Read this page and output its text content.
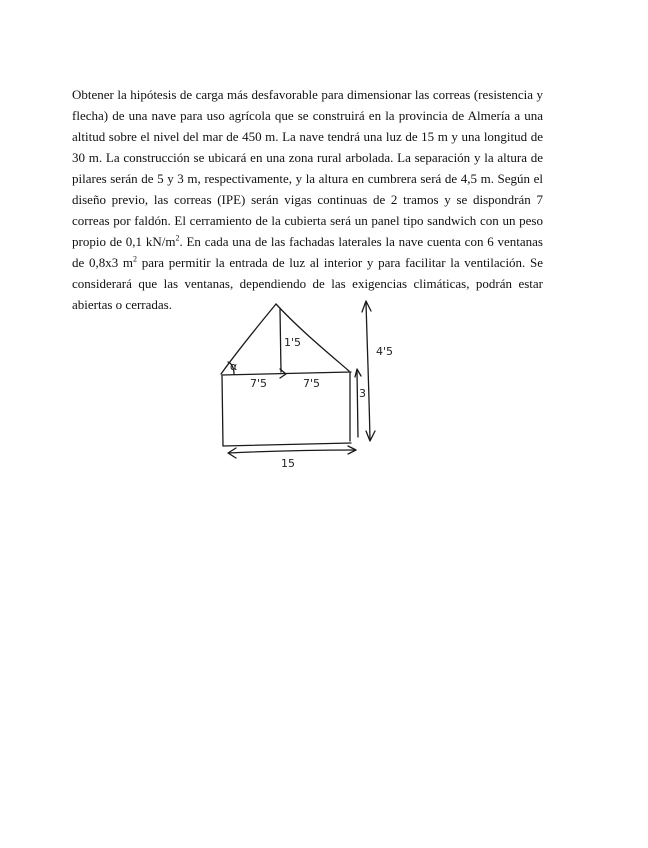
Obtener la hipótesis de carga más desfavorable para dimensionar las correas (resistencia y flecha) de una nave para uso agrícola que se construirá en la provincia de Almería a una altitud sobre el nivel del mar de 450 m. La nave tendrá una luz de 15 m y una longitud de 30 m. La construcción se ubicará en una zona rural arbolada. La separación y la altura de pilares serán de 5 y 3 m, respectivamente, y la altura en cumbrera será de 4,5 m. Según el diseño previo, las correas (IPE) serán vigas continuas de 2 tramos y se dispondrán 7 correas por faldón. El cerramiento de la cubierta será un panel tipo sandwich con un peso propio de 0,1 $kN/m^2$. En cada una de las fachadas laterales la nave cuenta con 6 ventanas de 0,8x3 $m^2$ para permitir la entrada de luz al interior y para facilitar la ventilación. Se considerará que las ventanas, dependiendo de las exigencias climáticas, podrán estar abiertas o cerradas.

α
1'5
7'5	7'5
4'5
3
15
